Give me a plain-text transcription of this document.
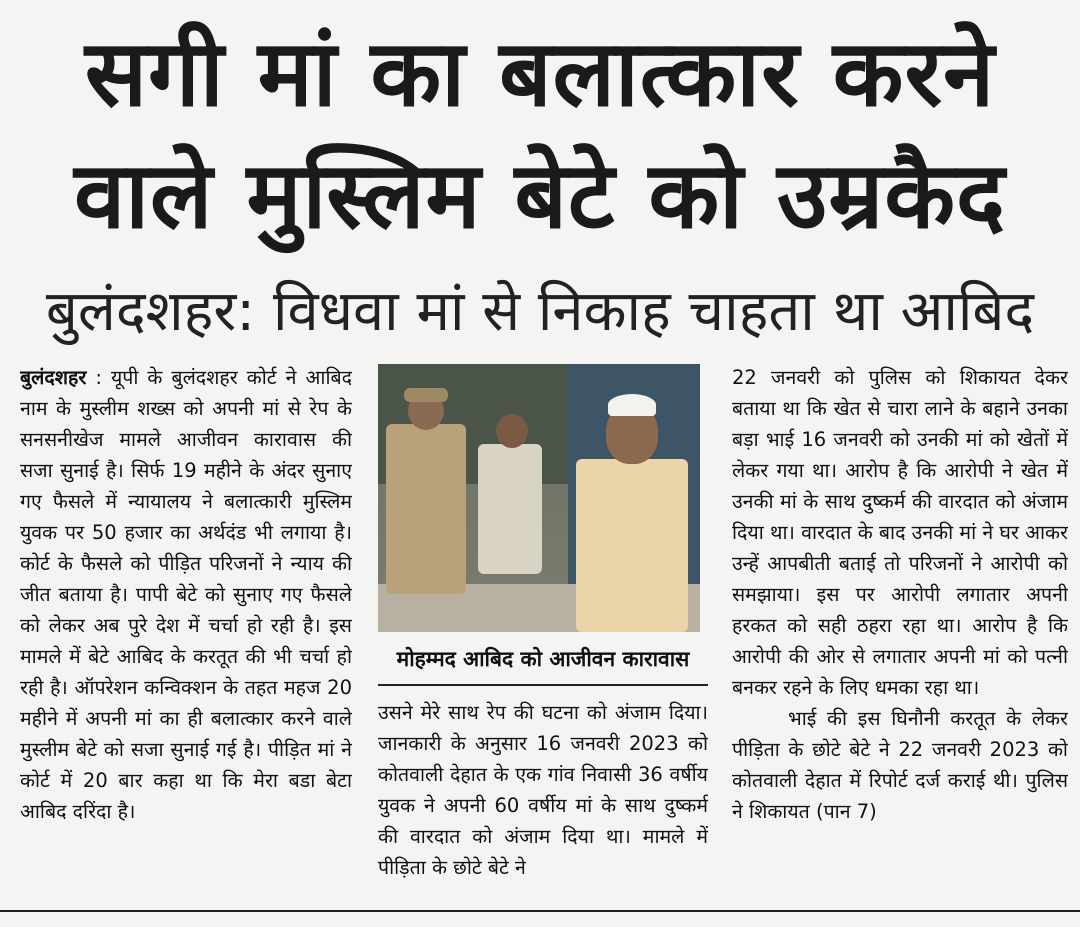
सगी मां का बलात्कार करने
वाले मुस्लिम बेटे को उम्रकैद
बुलंदशहर: विधवा मां से निकाह चाहता था आबिद

बुलंदशहर : यूपी के बुलंदशहर कोर्ट ने आबिद नाम के मुस्लीम शख्स को अपनी मां से रेप के सनसनीखेज मामले आजीवन कारावास की सजा सुनाई है। सिर्फ 19 महीने के अंदर सुनाए गए फैसले में न्यायालय ने बलात्कारी मुस्लिम युवक पर 50 हजार का अर्थदंड भी लगाया है। कोर्ट के फैसले को पीड़ित परिजनों ने न्याय की जीत बताया है। पापी बेटे को सुनाए गए फैसले को लेकर अब पुरे देश में चर्चा हो रही है। इस मामले में बेटे आबिद के करतूत की भी चर्चा हो रही है। ऑपरेशन कन्विक्शन के तहत महज 20 महीने में अपनी मां का ही बलात्कार करने वाले मुस्लीम बेटे को सजा सुनाई गई है। पीड़ित मां ने कोर्ट में 20 बार कहा था कि मेरा बडा बेटा आबिद दरिंदा है।

मोहम्मद आबिद को आजीवन कारावास

उसने मेरे साथ रेप की घटना को अंजाम दिया। जानकारी के अनुसार 16 जनवरी 2023 को कोतवाली देहात के एक गांव निवासी 36 वर्षीय युवक ने अपनी 60 वर्षीय मां के साथ दुष्कर्म की वारदात को अंजाम दिया था। मामले में पीड़िता के छोटे बेटे ने

22 जनवरी को पुलिस को शिकायत देकर बताया था कि खेत से चारा लाने के बहाने उनका बड़ा भाई 16 जनवरी को उनकी मां को खेतों में लेकर गया था। आरोप है कि आरोपी ने खेत में उनकी मां के साथ दुष्कर्म की वारदात को अंजाम दिया था। वारदात के बाद उनकी मां ने घर आकर उन्हें आपबीती बताई तो परिजनों ने आरोपी को समझाया। इस पर आरोपी लगातार अपनी हरकत को सही ठहरा रहा था। आरोप है कि आरोपी की ओर से लगातार अपनी मां को पत्नी बनकर रहने के लिए धमका रहा था।

भाई की इस घिनौनी करतूत के लेकर पीड़िता के छोटे बेटे ने 22 जनवरी 2023 को कोतवाली देहात में रिपोर्ट दर्ज कराई थी। पुलिस ने शिकायत (पान 7)
